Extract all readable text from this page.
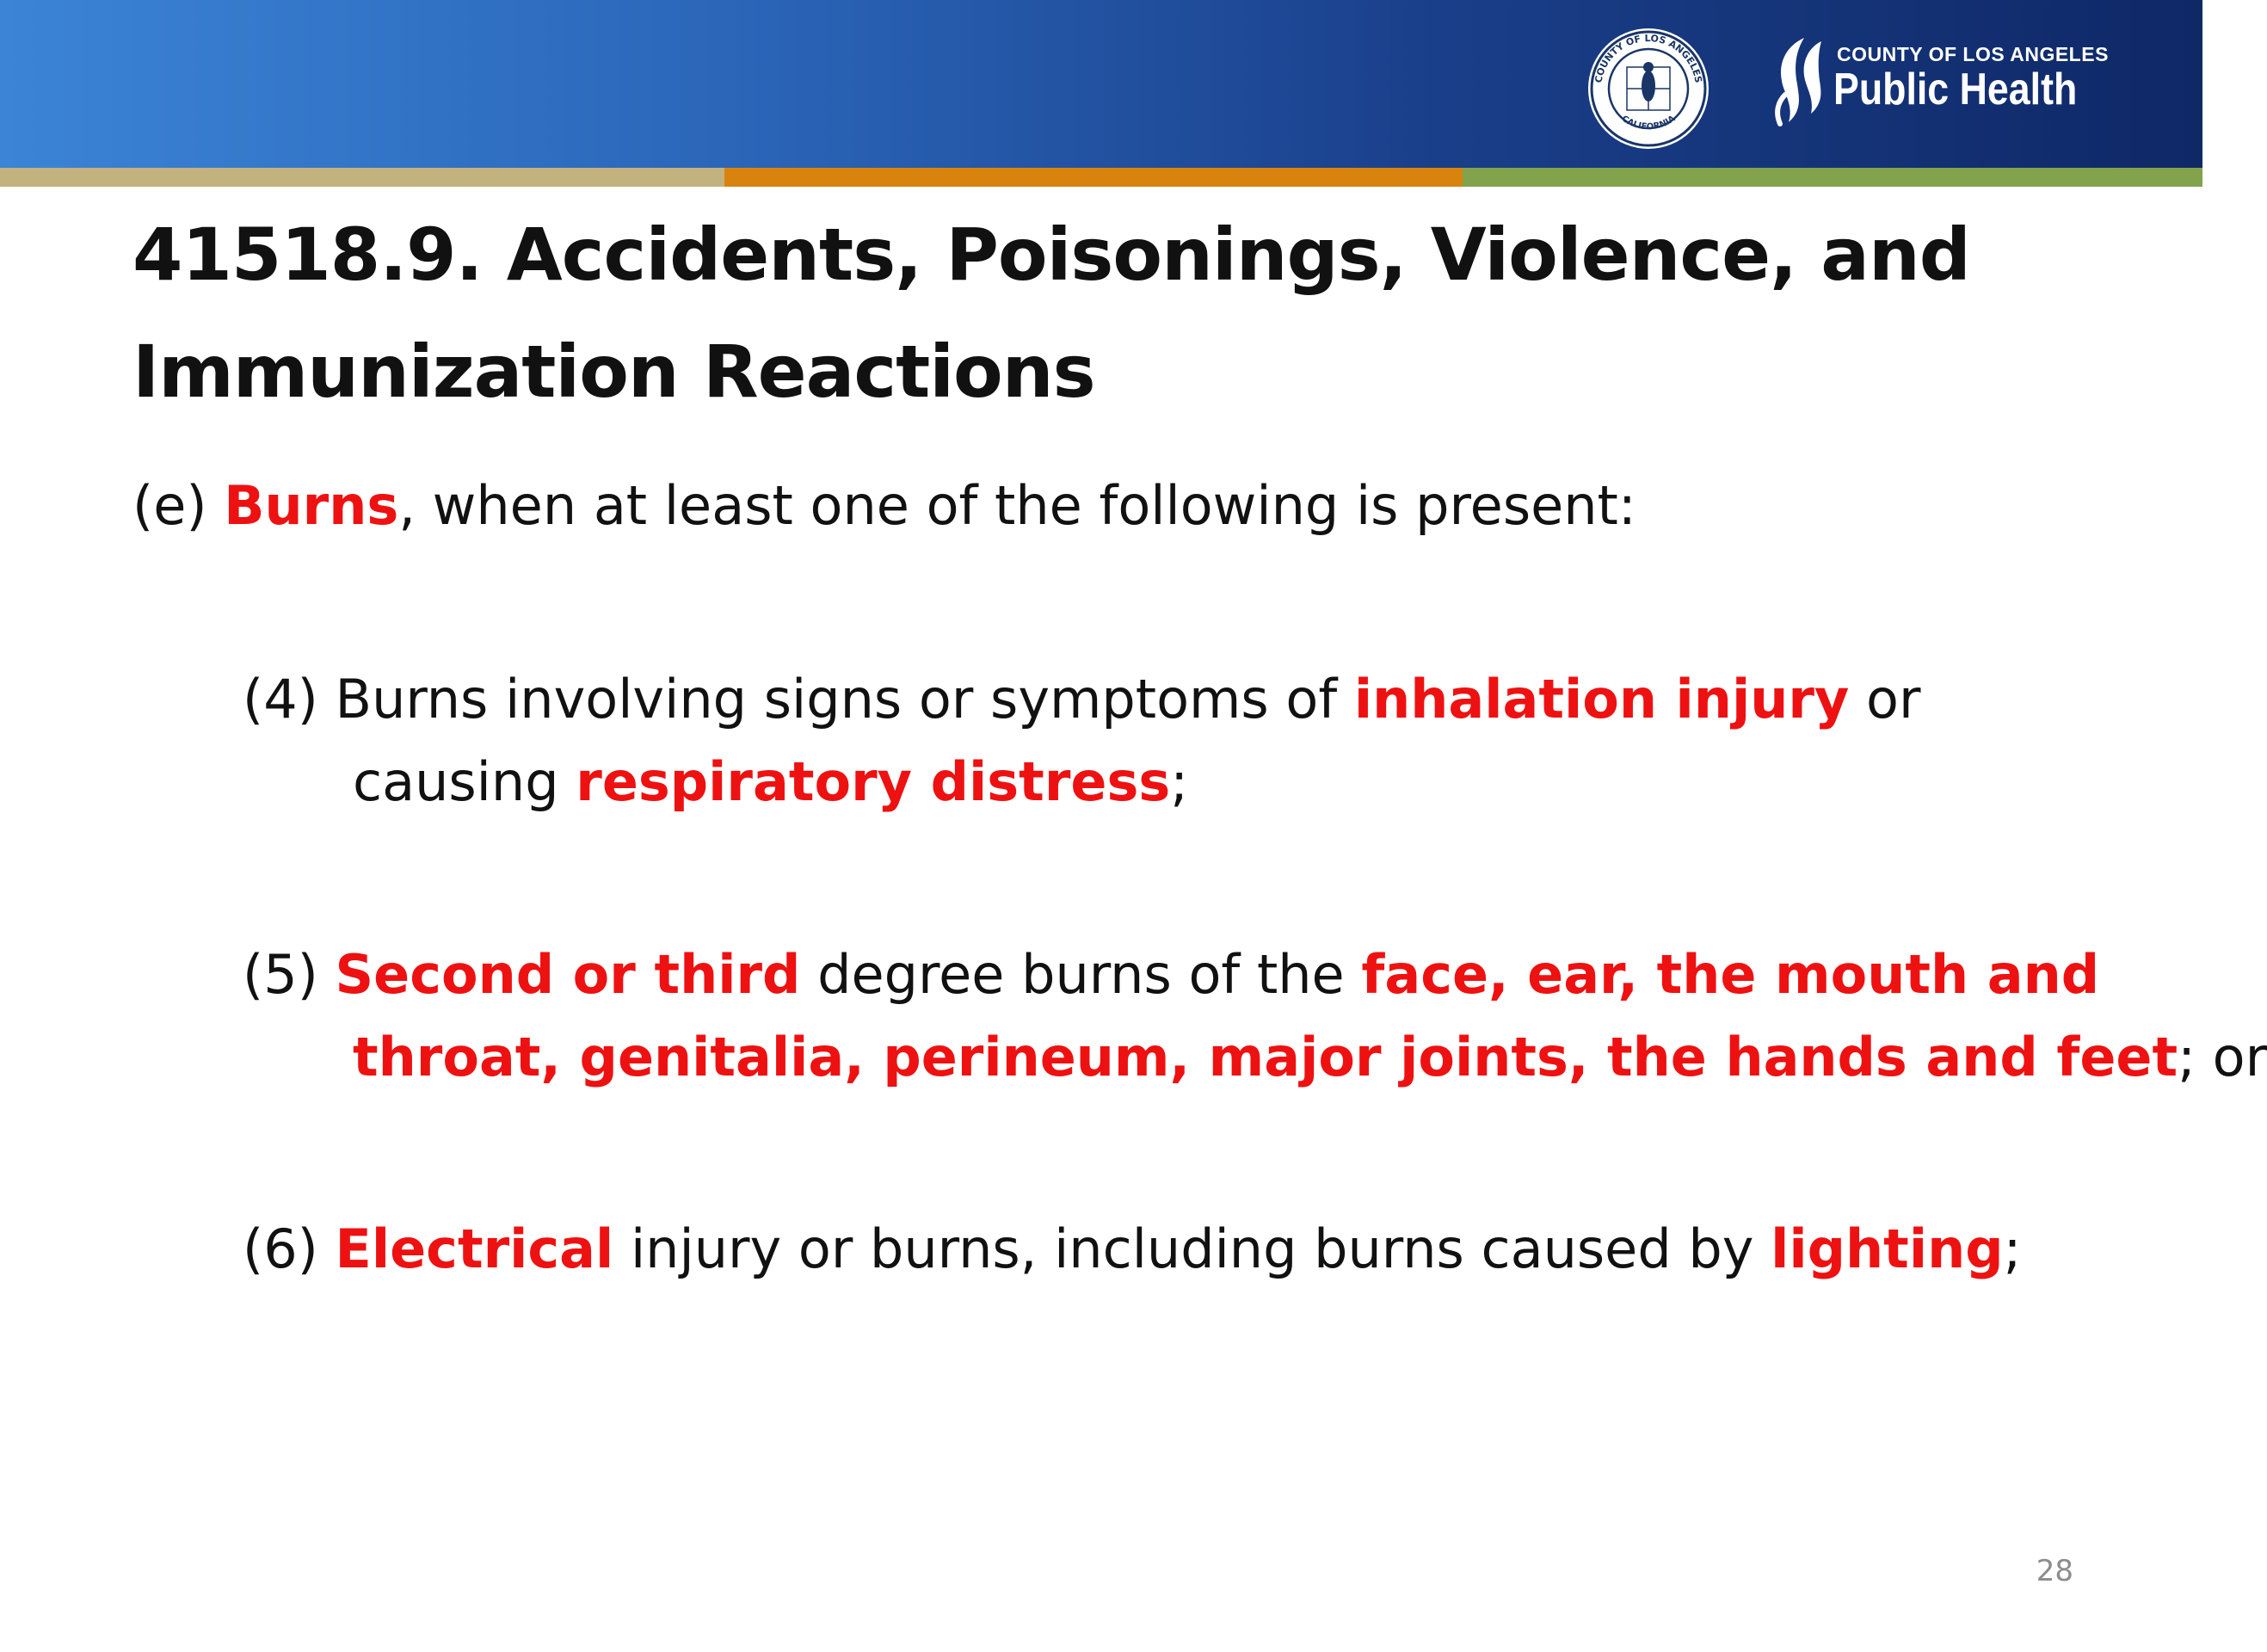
COUNTY OF LOS ANGELES
CALIFORNIA
COUNTY OF LOS ANGELES
Public Health
41518.9. Accidents, Poisonings, Violence, and Immunization Reactions

(e) Burns, when at least one of the following is present:

(4) Burns involving signs or symptoms of inhalation injury or
causing respiratory distress;

(5) Second or third degree burns of the face, ear, the mouth and
throat, genitalia, perineum, major joints, the hands and feet; or

(6) Electrical injury or burns, including burns caused by lighting;

28
